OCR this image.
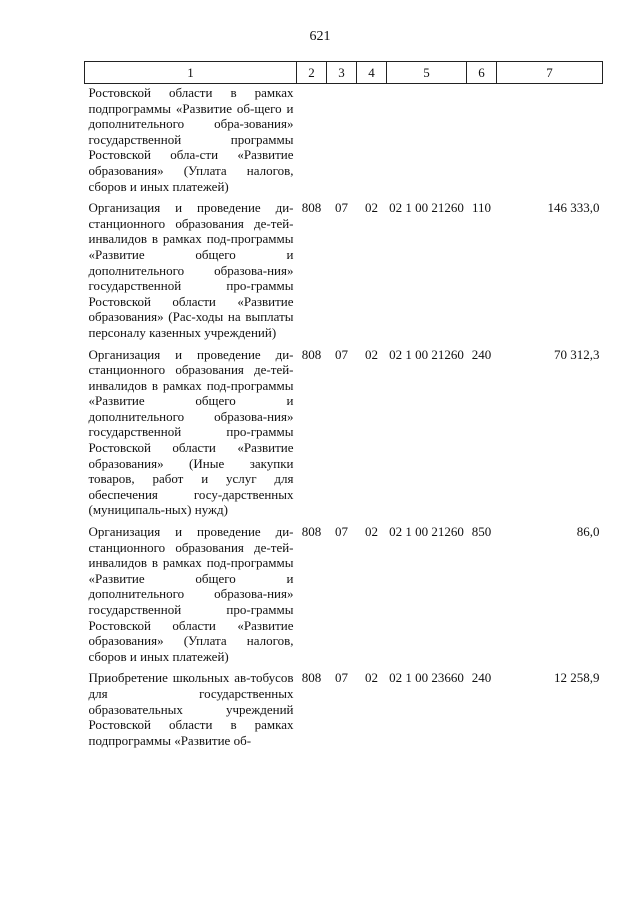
621
1	2	3	4	5	6	7
Ростовской области в рамках подпрограммы «Развитие об-щего и дополнительного обра-зования» государственной программы Ростовской обла-сти «Развитие образования» (Уплата налогов, сборов и иных платежей)						
Организация и проведение ди-станционного образования де-тей-инвалидов в рамках под-программы «Развитие общего и дополнительного образова-ния» государственной про-граммы Ростовской области «Развитие образования» (Рас-ходы на выплаты персоналу казенных учреждений)	808	07	02	02 1 00 21260	110	146 333,0
Организация и проведение ди-станционного образования де-тей-инвалидов в рамках под-программы «Развитие общего и дополнительного образова-ния» государственной про-граммы Ростовской области «Развитие образования» (Иные закупки товаров, работ и услуг для обеспечения госу-дарственных (муниципаль-ных) нужд)	808	07	02	02 1 00 21260	240	70 312,3
Организация и проведение ди-станционного образования де-тей-инвалидов в рамках под-программы «Развитие общего и дополнительного образова-ния» государственной про-граммы Ростовской области «Развитие образования» (Уплата налогов, сборов и иных платежей)	808	07	02	02 1 00 21260	850	86,0
Приобретение школьных ав-тобусов для государственных образовательных учреждений Ростовской области в рамках подпрограммы «Развитие об-	808	07	02	02 1 00 23660	240	12 258,9
